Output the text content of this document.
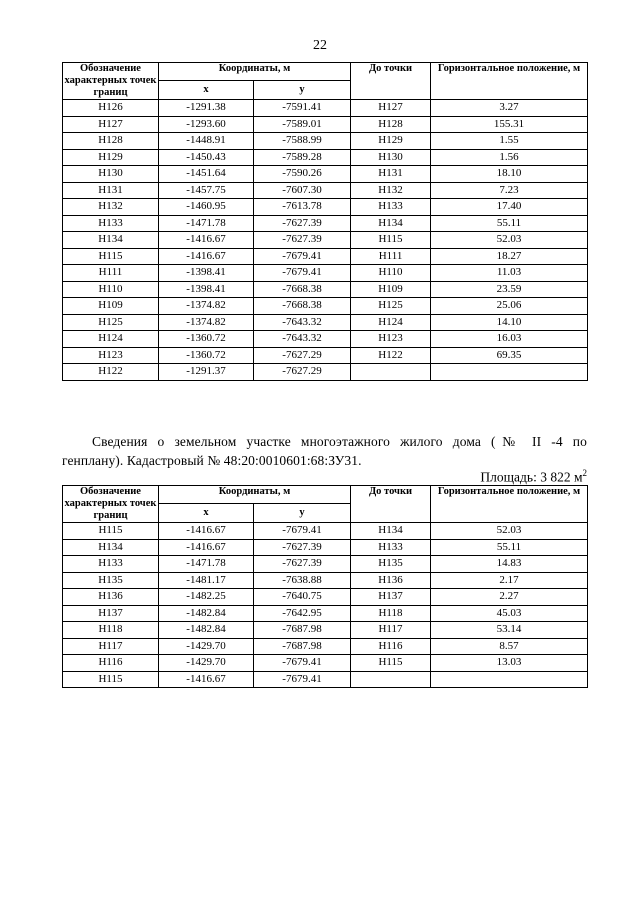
22
Обозначение характерных точек границ	Координаты, м		До точки	Горизонтальное положение, м
	x	y		
Н126	-1291.38	-7591.41	Н127	3.27
Н127	-1293.60	-7589.01	Н128	155.31
Н128	-1448.91	-7588.99	Н129	1.55
Н129	-1450.43	-7589.28	Н130	1.56
Н130	-1451.64	-7590.26	Н131	18.10
Н131	-1457.75	-7607.30	Н132	7.23
Н132	-1460.95	-7613.78	Н133	17.40
Н133	-1471.78	-7627.39	Н134	55.11
Н134	-1416.67	-7627.39	Н115	52.03
Н115	-1416.67	-7679.41	Н111	18.27
Н111	-1398.41	-7679.41	Н110	11.03
Н110	-1398.41	-7668.38	Н109	23.59
Н109	-1374.82	-7668.38	Н125	25.06
Н125	-1374.82	-7643.32	Н124	14.10
Н124	-1360.72	-7643.32	Н123	16.03
Н123	-1360.72	-7627.29	Н122	69.35
Н122	-1291.37	-7627.29		
Сведения о земельном участке многоэтажного жилого дома (№ II -4 по
генплану). Кадастровый № 48:20:0010601:68:ЗУ31.
Площадь: 3 822 $м^2$
Обозначение характерных точек границ	Координаты, м		До точки	Горизонтальное положение, м
	x	y		
Н115	-1416.67	-7679.41	Н134	52.03
Н134	-1416.67	-7627.39	Н133	55.11
Н133	-1471.78	-7627.39	Н135	14.83
Н135	-1481.17	-7638.88	Н136	2.17
Н136	-1482.25	-7640.75	Н137	2.27
Н137	-1482.84	-7642.95	Н118	45.03
Н118	-1482.84	-7687.98	Н117	53.14
Н117	-1429.70	-7687.98	Н116	8.57
Н116	-1429.70	-7679.41	Н115	13.03
Н115	-1416.67	-7679.41		
